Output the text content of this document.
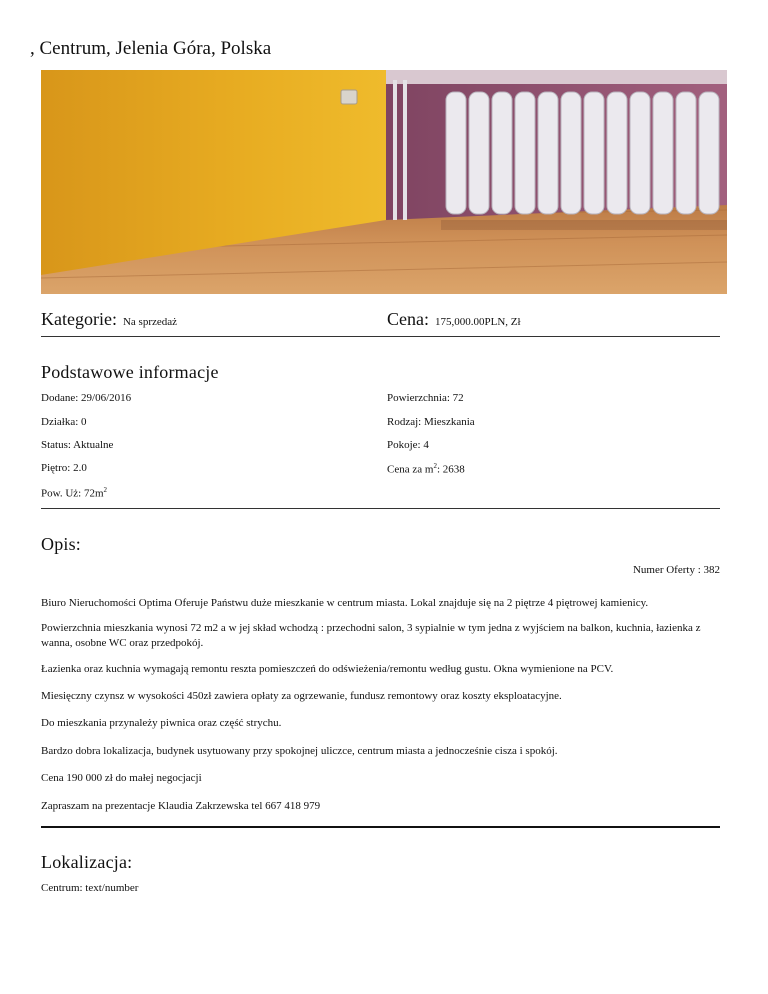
, Centrum, Jelenia Góra, Polska
Kategorie: Na sprzedaż	Cena: 175,000.00PLN, Zł
Podstawowe informacje
Dodane: 29/06/2016	Powierzchnia: 72
Działka: 0	Rodzaj: Mieszkania
Status: Aktualne	Pokoje: 4
Piętro: 2.0	Cena za $m^2$: 2638
Pow. Uż: $72m^2$
Opis:
Numer Oferty : 382

Biuro Nieruchomości Optima Oferuje Państwu duże mieszkanie w centrum miasta. Lokal znajduje się na 2 piętrze 4 piętrowej kamienicy.

Powierzchnia mieszkania wynosi 72 m2 a w jej skład wchodzą : przechodni salon, 3 sypialnie w tym jedna z wyjściem na balkon, kuchnia, łazienka z wanna, osobne WC oraz przedpokój.

Łazienka oraz kuchnia wymagają remontu reszta pomieszczeń do odświeżenia/remontu według gustu. Okna wymienione na PCV.

Miesięczny czynsz w wysokości 450zł zawiera opłaty za ogrzewanie, fundusz remontowy oraz koszty eksploatacyjne.

Do mieszkania przynależy piwnica oraz część strychu.

Bardzo dobra lokalizacja, budynek usytuowany przy spokojnej uliczce, centrum miasta a jednocześnie cisza i spokój.

Cena 190 000 zł do małej negocjacji

Zapraszam na prezentacje Klaudia Zakrzewska tel 667 418 979

Lokalizacja:
Centrum: text/number
